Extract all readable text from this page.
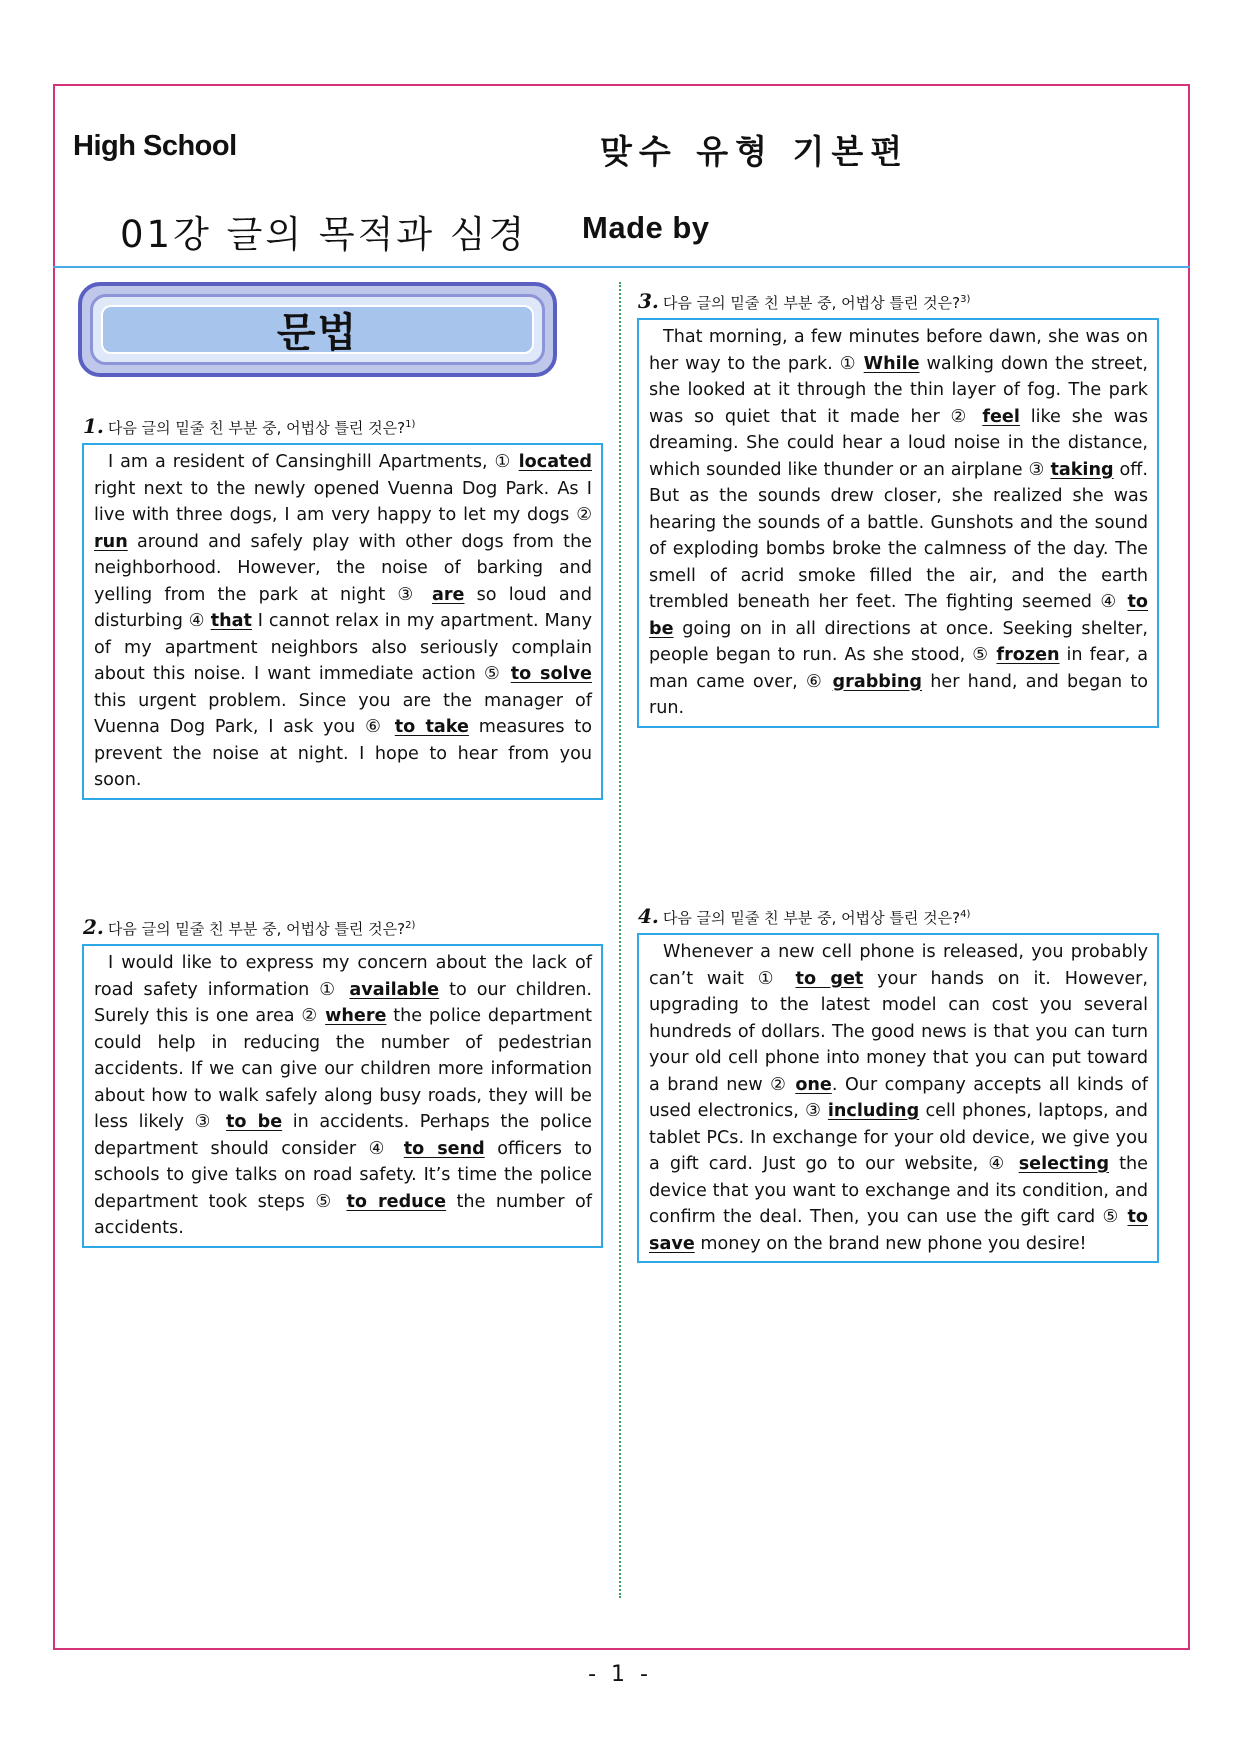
High School	맞수 유형 기본편
01강 글의 목적과 심경 Made by
문법
1. 다음 글의 밑줄 친 부분 중, 어법상 틀린 것은?$^{1)}$

I am a resident of Cansinghill Apartments, ① located right next to the newly opened Vuenna Dog Park. As I live with three dogs, I am very happy to let my dogs ② run around and safely play with other dogs from the neighborhood. However, the noise of barking and yelling from the park at night ③ are so loud and disturbing ④ that I cannot relax in my apartment. Many of my apartment neighbors also seriously complain about this noise. I want immediate action ⑤ to solve this urgent problem. Since you are the manager of Vuenna Dog Park, I ask you ⑥ to take measures to prevent the noise at night. I hope to hear from you soon.

2. 다음 글의 밑줄 친 부분 중, 어법상 틀린 것은?$^{2)}$

I would like to express my concern about the lack of road safety information ① available to our children. Surely this is one area ② where the police department could help in reducing the number of pedestrian accidents. If we can give our children more information about how to walk safely along busy roads, they will be less likely ③ to be in accidents. Perhaps the police department should consider ④ to send officers to schools to give talks on road safety. It’s time the police department took steps ⑤ to reduce the number of accidents.

3. 다음 글의 밑줄 친 부분 중, 어법상 틀린 것은?$^{3)}$

That morning, a few minutes before dawn, she was on her way to the park. ① While walking down the street, she looked at it through the thin layer of fog. The park was so quiet that it made her ② feel like she was dreaming. She could hear a loud noise in the distance, which sounded like thunder or an airplane ③ taking off. But as the sounds drew closer, she realized she was hearing the sounds of a battle. Gunshots and the sound of exploding bombs broke the calmness of the day. The smell of acrid smoke filled the air, and the earth trembled beneath her feet. The fighting seemed ④ to be going on in all directions at once. Seeking shelter, people began to run. As she stood, ⑤ frozen in fear, a man came over, ⑥ grabbing her hand, and began to run.

4. 다음 글의 밑줄 친 부분 중, 어법상 틀린 것은?$^{4)}$

Whenever a new cell phone is released, you probably can’t wait ① to get your hands on it. However, upgrading to the latest model can cost you several hundreds of dollars. The good news is that you can turn your old cell phone into money that you can put toward a brand new ② one. Our company accepts all kinds of used electronics, ③ including cell phones, laptops, and tablet PCs. In exchange for your old device, we give you a gift card. Just go to our website, ④ selecting the device that you want to exchange and its condition, and confirm the deal. Then, you can use the gift card ⑤ to save money on the brand new phone you desire!

- 1 -
